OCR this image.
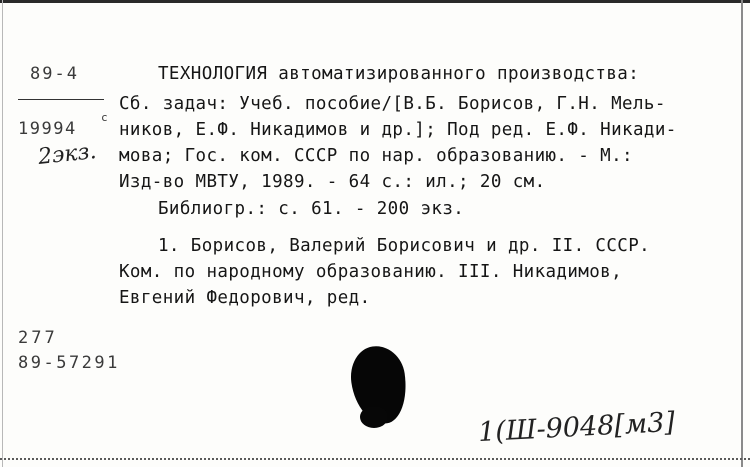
89-4
19994
c
2экз.
ТЕХНОЛОГИЯ автоматизированного производства:
Сб. задач: Учеб. пособие/[В.Б. Борисов, Г.Н. Мель-
ников, Е.Ф. Никадимов и др.]; Под ред. Е.Ф. Никади-
мова; Гос. ком. СССР по нар. образованию. - М.:
Изд-во МВТУ, 1989. - 64 с.: ил.; 20 см.
Библиогр.: с. 61. - 200 экз.
1. Борисов, Валерий Борисович и др. II. СССР.
Ком. по народному образованию. III. Никадимов,
Евгений Федорович, ред.
277
89-57291
1(Ш-9048[м3]
